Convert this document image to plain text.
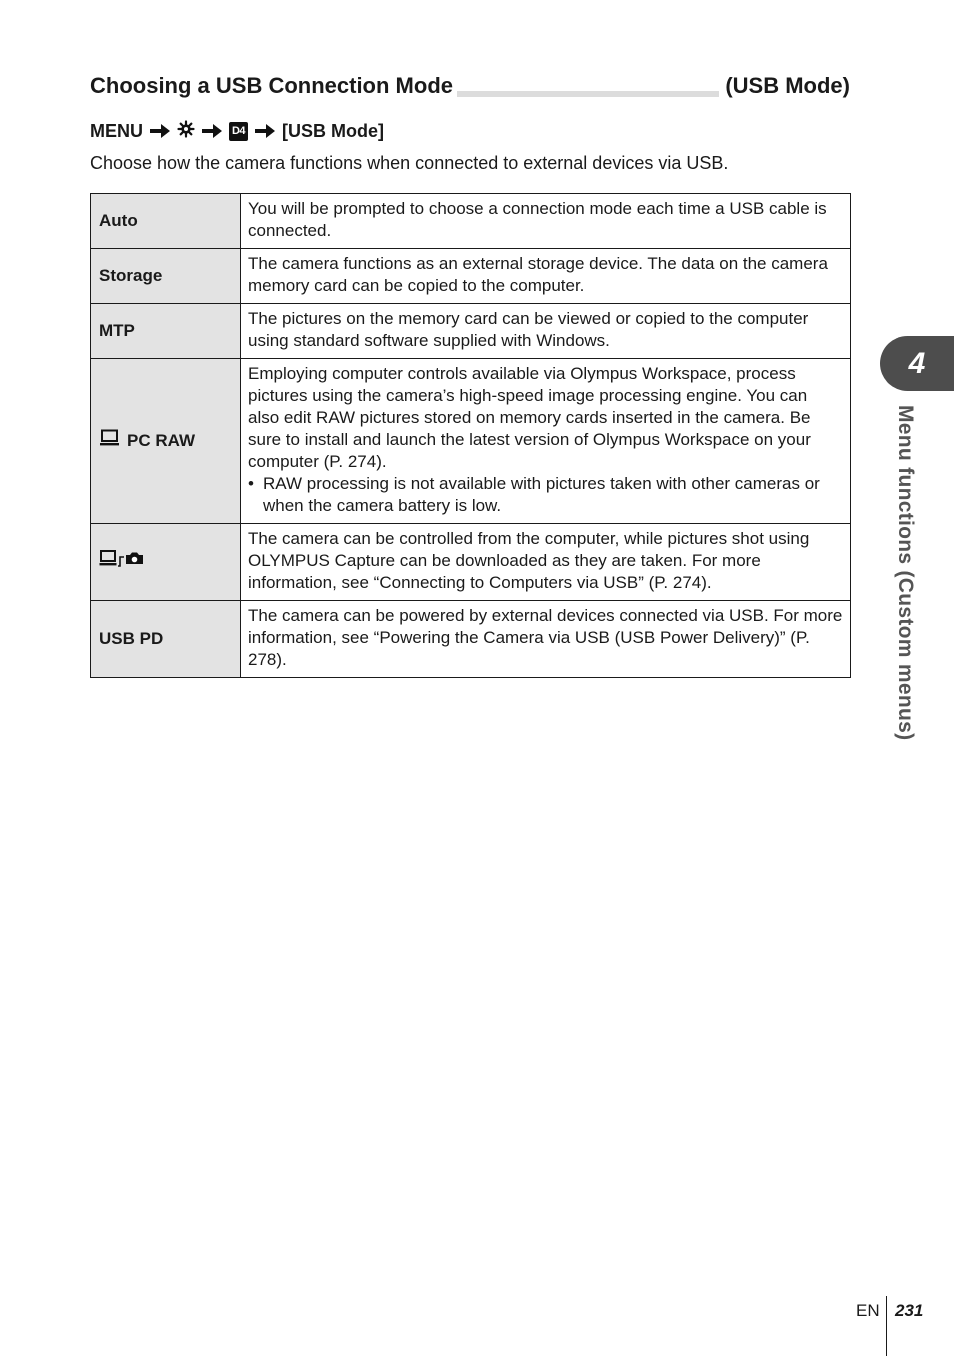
Choosing a USB Connection Mode	(USB Mode)
MENU	D4 [USB Mode]
Choose how the camera functions when connected to external devices via USB.
Auto	You will be prompted to choose a connection mode each time a USB cable is connected.
Storage	The camera functions as an external storage device. The data on the camera memory card can be copied to the computer.
MTP	The pictures on the memory card can be viewed or copied to the computer using standard software supplied with Windows.

PC RAW	Employing computer controls available via Olympus Workspace, process pictures using the camera’s high-speed image processing engine. You can also edit RAW pictures stored on memory cards inserted in the camera. Be sure to install and launch the latest version of Olympus Workspace on your computer (P. 274).
• RAW processing is not available with pictures taken with other cameras or when the camera battery is low.

	The camera can be controlled from the computer, while pictures shot using OLYMPUS Capture can be downloaded as they are taken. For more information, see “Connecting to Computers via USB” (P. 274).
USB PD	The camera can be powered by external devices connected via USB. For more information, see “Powering the Camera via USB (USB Power Delivery)” (P. 278).
4
Menu functions (Custom menus)
EN 231
